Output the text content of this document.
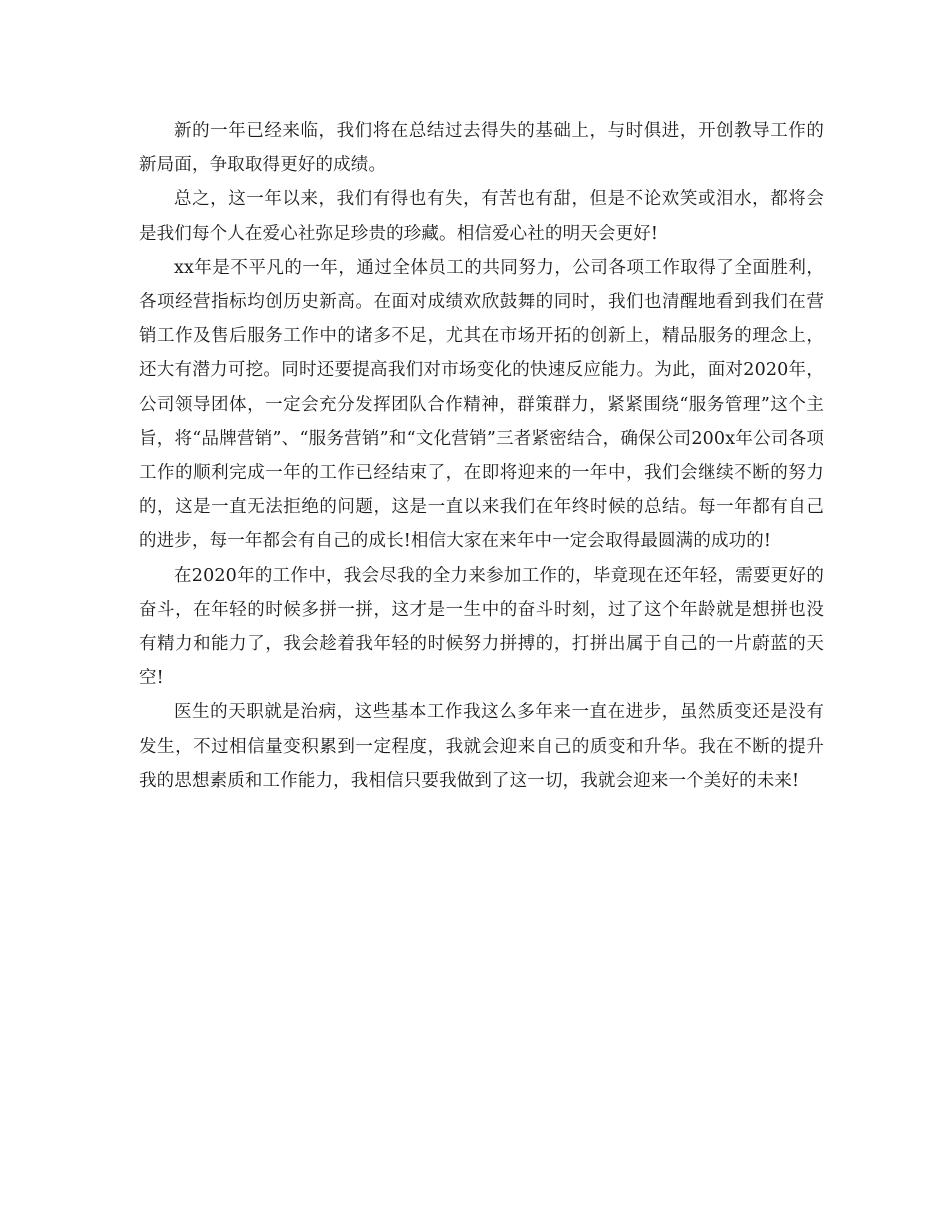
新的一年已经来临，我们将在总结过去得失的基础上，与时俱进，开创教导工作的新局面，争取取得更好的成绩。

总之，这一年以来，我们有得也有失，有苦也有甜，但是不论欢笑或泪水，都将会是我们每个人在爱心社弥足珍贵的珍藏。相信爱心社的明天会更好!

xx年是不平凡的一年，通过全体员工的共同努力，公司各项工作取得了全面胜利，各项经营指标均创历史新高。在面对成绩欢欣鼓舞的同时，我们也清醒地看到我们在营销工作及售后服务工作中的诸多不足，尤其在市场开拓的创新上，精品服务的理念上，还大有潜力可挖。同时还要提高我们对市场变化的快速反应能力。为此，面对2020年，公司领导团体，一定会充分发挥团队合作精神，群策群力，紧紧围绕“服务管理”这个主旨，将“品牌营销”、“服务营销”和“文化营销”三者紧密结合，确保公司200x年公司各项工作的顺利完成一年的工作已经结束了，在即将迎来的一年中，我们会继续不断的努力的，这是一直无法拒绝的问题，这是一直以来我们在年终时候的总结。每一年都有自己的进步，每一年都会有自己的成长!相信大家在来年中一定会取得最圆满的成功的!

在2020年的工作中，我会尽我的全力来参加工作的，毕竟现在还年轻，需要更好的奋斗，在年轻的时候多拼一拼，这才是一生中的奋斗时刻，过了这个年龄就是想拼也没有精力和能力了，我会趁着我年轻的时候努力拼搏的，打拼出属于自己的一片蔚蓝的天空!

医生的天职就是治病，这些基本工作我这么多年来一直在进步，虽然质变还是没有发生，不过相信量变积累到一定程度，我就会迎来自己的质变和升华。我在不断的提升我的思想素质和工作能力，我相信只要我做到了这一切，我就会迎来一个美好的未来!
